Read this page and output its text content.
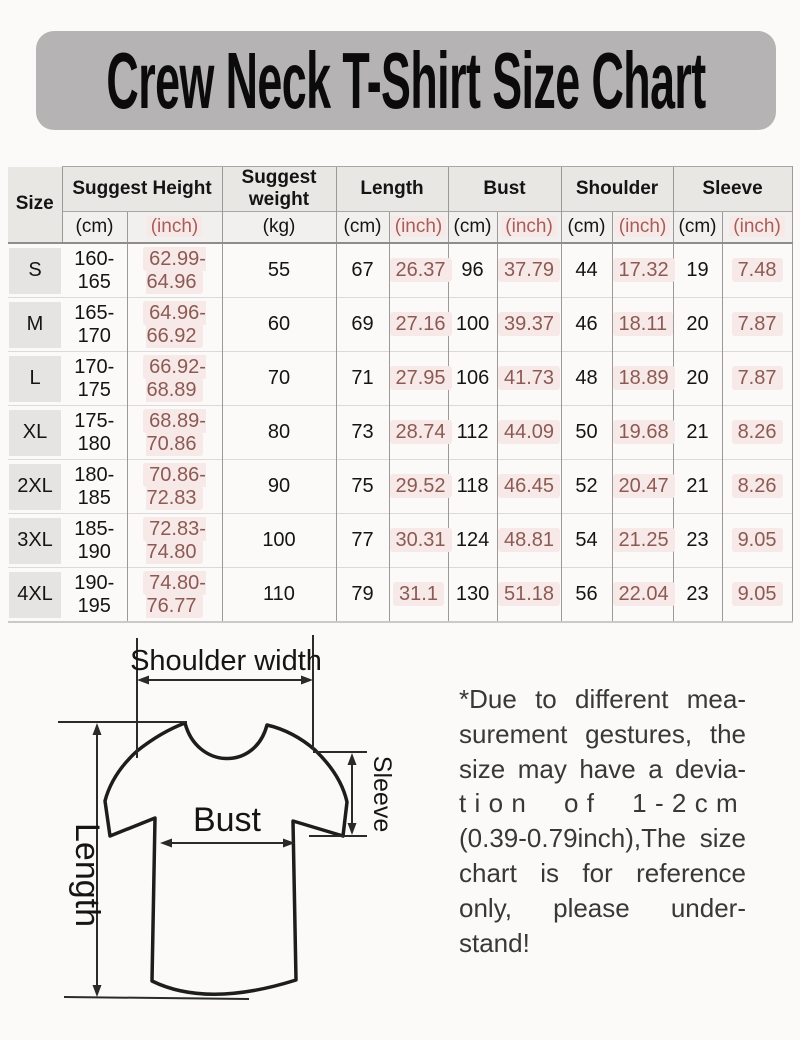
Crew Neck T-Shirt Size Chart
Size	Suggest Height		Suggest weight	Length		Bust		Shoulder		Sleeve	
	(cm)	(inch)	(kg)	(cm)	(inch)	(cm)	(inch)	(cm)	(inch)	(cm)	(inch)

S	160-165	62.99-64.96	55	67	26.37	96	37.79	44	17.32	19	7.48

M	165-170	64.96-66.92	60	69	27.16	100	39.37	46	18.11	20	7.87

L	170-175	66.92-68.89	70	71	27.95	106	41.73	48	18.89	20	7.87

XL	175-180	68.89-70.86	80	73	28.74	112	44.09	50	19.68	21	8.26

2XL	180-185	70.86-72.83	90	75	29.52	118	46.45	52	20.47	21	8.26

3XL	185-190	72.83-74.80	100	77	30.31	124	48.81	54	21.25	23	9.05

4XL	190-195	74.80-76.77	110	79	31.1	130	51.18	56	22.04	23	9.05
Shoulder width
Length
Bust	Sleeve
*Due to different mea-
surement gestures, the
size may have a devia-
tion of 1-2cm
(0.39-0.79inch),The size
chart is for reference
only, please under-
stand!
